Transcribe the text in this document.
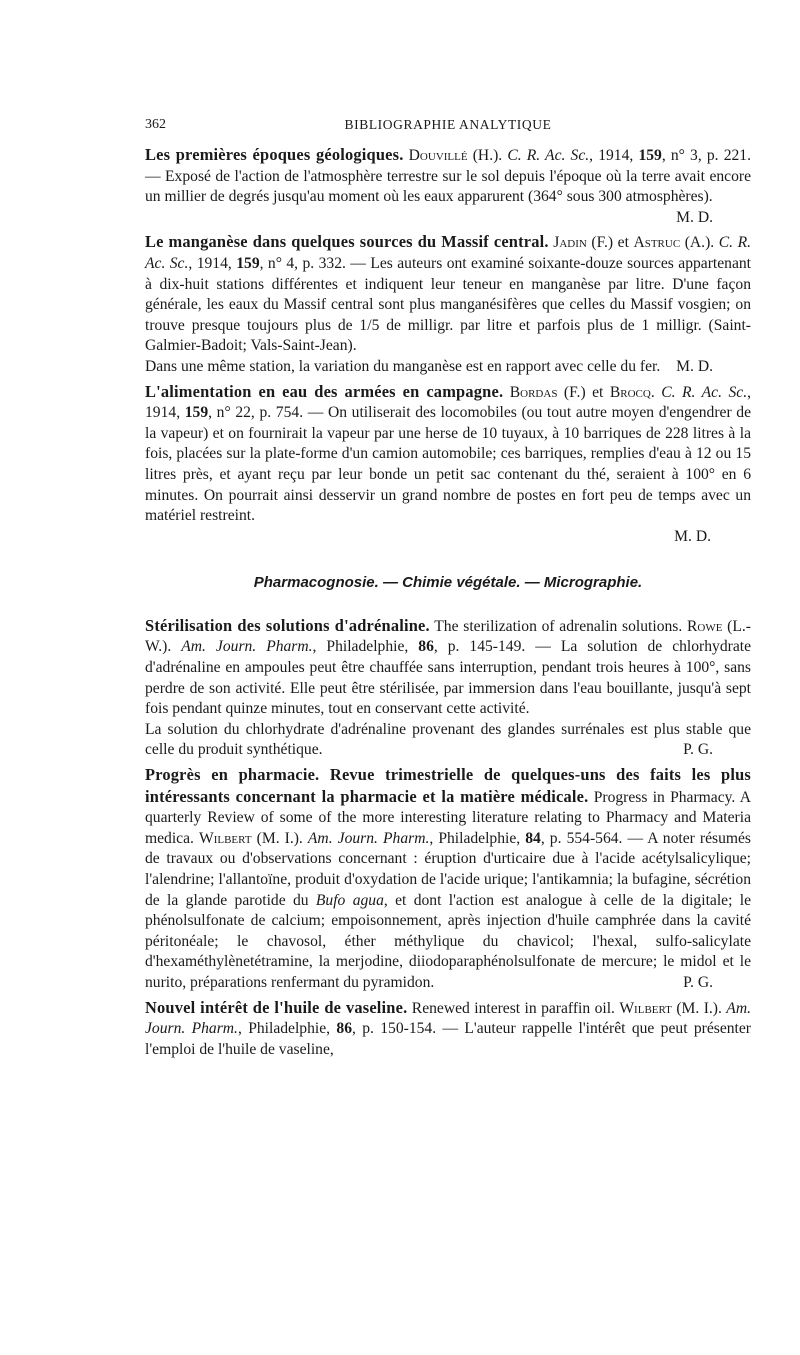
362	BIBLIOGRAPHIE ANALYTIQUE

Les premières époques géologiques. Douvillé (H.). C. R. Ac. Sc., 1914, 159, n° 3, p. 221. — Exposé de l'action de l'atmosphère terrestre sur le sol depuis l'époque où la terre avait encore un millier de degrés jusqu'au moment où les eaux apparurent (364° sous 300 atmosphères).
M. D.

Le manganèse dans quelques sources du Massif central. Jadin (F.) et Astruc (A.). C. R. Ac. Sc., 1914, 159, n° 4, p. 332. — Les auteurs ont examiné soixante-douze sources appartenant à dix-huit stations différentes et indiquent leur teneur en manganèse par litre. D'une façon générale, les eaux du Massif central sont plus manganésifères que celles du Massif vosgien; on trouve presque toujours plus de 1/5 de milligr. par litre et parfois plus de 1 milligr. (Saint-Galmier-Badoit; Vals-Saint-Jean).

Dans une même station, la variation du manganèse est en rapport avec celle du fer. M. D.

L'alimentation en eau des armées en campagne. Bordas (F.) et Brocq. C. R. Ac. Sc., 1914, 159, n° 22, p. 754. — On utiliserait des locomobiles (ou tout autre moyen d'engendrer de la vapeur) et on fournirait la vapeur par une herse de 10 tuyaux, à 10 barriques de 228 litres à la fois, placées sur la plate-forme d'un camion automobile; ces barriques, remplies d'eau à 12 ou 15 litres près, et ayant reçu par leur bonde un petit sac contenant du thé, seraient à 100° en 6 minutes. On pourrait ainsi desservir un grand nombre de postes en fort peu de temps avec un matériel restreint.

M. D.
Pharmacognosie. — Chimie végétale. — Micrographie.

Stérilisation des solutions d'adrénaline. The sterilization of adrenalin solutions. Rowe (L.-W.). Am. Journ. Pharm., Philadelphie, 86, p. 145-149. — La solution de chlorhydrate d'adrénaline en ampoules peut être chauffée sans interruption, pendant trois heures à 100°, sans perdre de son activité. Elle peut être stérilisée, par immersion dans l'eau bouillante, jusqu'à sept fois pendant quinze minutes, tout en conservant cette activité.

La solution du chlorhydrate d'adrénaline provenant des glandes surrénales est plus stable que celle du produit synthétique.	P. G.

Progrès en pharmacie. Revue trimestrielle de quelques-uns des faits les plus intéressants concernant la pharmacie et la matière médicale. Progress in Pharmacy. A quarterly Review of some of the more interesting literature relating to Pharmacy and Materia medica. Wilbert (M. I.). Am. Journ. Pharm., Philadelphie, 84, p. 554-564. — A noter résumés de travaux ou d'observations concernant : éruption d'urticaire due à l'acide acétylsalicylique; l'alendrine; l'allantoïne, produit d'oxydation de l'acide urique; l'antikamnia; la bufagine, sécrétion de la glande parotide du Bufo agua, et dont l'action est analogue à celle de la digitale; le phénolsulfonate de calcium; empoisonnement, après injection d'huile camphrée dans la cavité péritonéale; le chavosol, éther méthylique du chavicol; l'hexal, sulfo-salicylate d'hexaméthylènetétramine, la merjodine, diiodoparaphénolsulfonate de mercure; le midol et le nurito, préparations renfermant du pyramidon.	P. G.

Nouvel intérêt de l'huile de vaseline. Renewed interest in paraffin oil. Wilbert (M. I.). Am. Journ. Pharm., Philadelphie, 86, p. 150-154. — L'auteur rappelle l'intérêt que peut présenter l'emploi de l'huile de vaseline,
